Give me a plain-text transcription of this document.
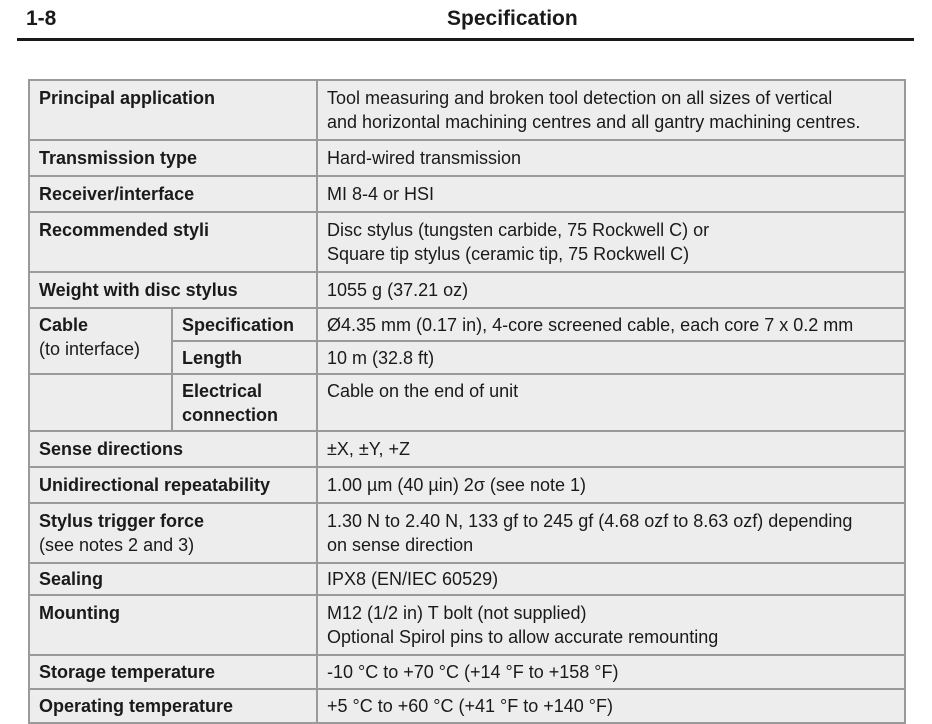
1-8	Specification
Principal application		Tool measuring and broken tool detection on all sizes of vertical
and horizontal machining centres and all gantry machining centres.

Transmission type		Hard-wired transmission
Receiver/interface		MI 8-4 or HSI
Recommended styli		Disc stylus (tungsten carbide, 75 Rockwell C) or
Square tip stylus (ceramic tip, 75 Rockwell C)

Weight with disc stylus		1055 g (37.21 oz)
Cable
(to interface)	Specification	Ø4.35 mm (0.17 in), 4-core screened cable, each core 7 x 0.2 mm
	Length	10 m (32.8 ft)

	Electrical
connection	Cable on the end of unit
Sense directions		±X, ±Y, +Z
Unidirectional repeatability		1.00 µm (40 µin) 2σ (see note 1)
Stylus trigger force
(see notes 2 and 3)		1.30 N to 2.40 N, 133 gf to 245 gf (4.68 ozf to 8.63 ozf) depending
on sense direction

Sealing		IPX8 (EN/IEC 60529)
Mounting		M12 (1/2 in) T bolt (not supplied)
Optional Spirol pins to allow accurate remounting

Storage temperature		-10 °C to +70 °C (+14 °F to +158 °F)
Operating temperature		+5 °C to +60 °C (+41 °F to +140 °F)
